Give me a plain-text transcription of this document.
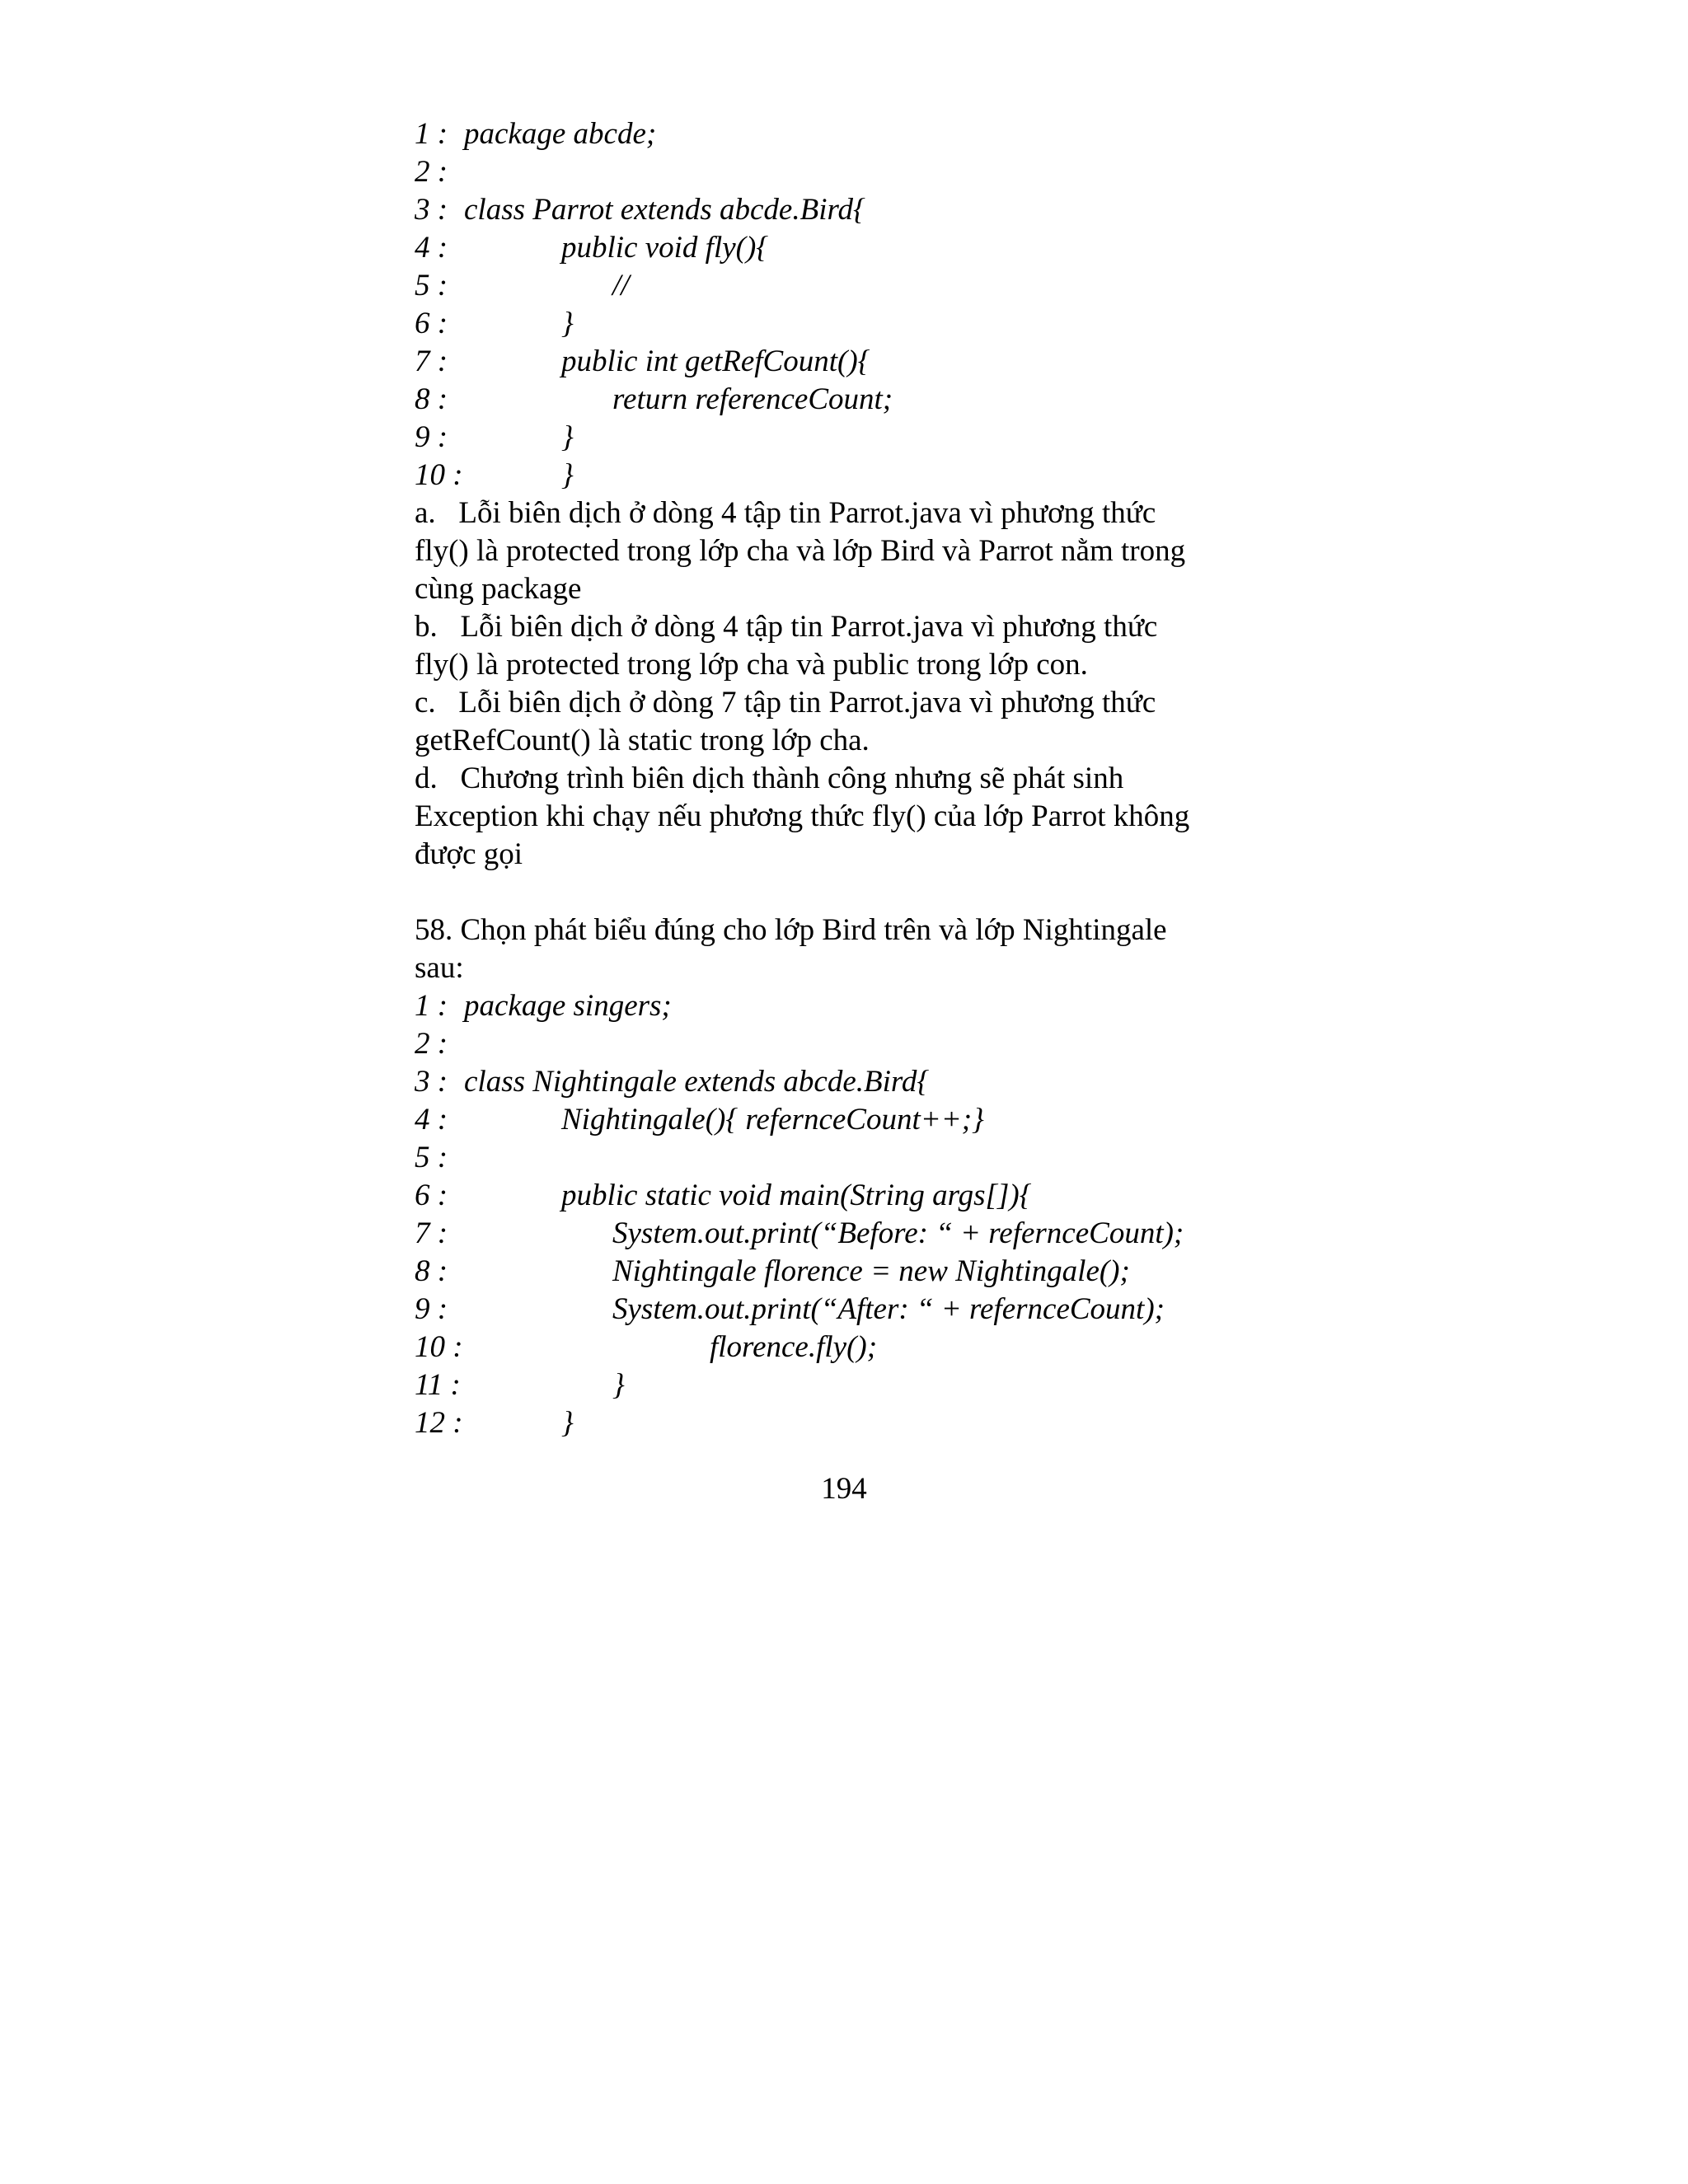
1 : package abcde;
2 :
3 : class Parrot extends abcde.Bird{
4 :	public void fly(){
5 :	//
6 :	}
7 :	public int getRefCount(){
8 :	return referenceCount;
9 :	}
10 :	}
a.   Lỗi biên dịch ở dòng 4 tập tin Parrot.java vì phương thức
fly() là protected trong lớp cha và lớp Bird và Parrot nằm trong
cùng package
b.   Lỗi biên dịch ở dòng 4 tập tin Parrot.java vì phương thức
fly() là protected trong lớp cha và public trong lớp con.
c.   Lỗi biên dịch ở dòng 7 tập tin Parrot.java vì phương thức
getRefCount() là static trong lớp cha.
d.   Chương trình biên dịch thành công nhưng sẽ phát sinh
Exception khi chạy nếu phương thức fly() của lớp Parrot không
được gọi
58. Chọn phát biểu đúng cho lớp Bird trên và lớp Nightingale
sau:
1 : package singers;
2 :
3 : class Nightingale extends abcde.Bird{
4 :	Nightingale(){ refernceCount++;}
5 :
6 :	public static void main(String args[]){
7 :	System.out.print(“Before: “ + refernceCount);
8 :	Nightingale florence = new Nightingale();
9 :	System.out.print(“After: “ + refernceCount);
10 :	florence.fly();
11 :	}
12 :	}
194
